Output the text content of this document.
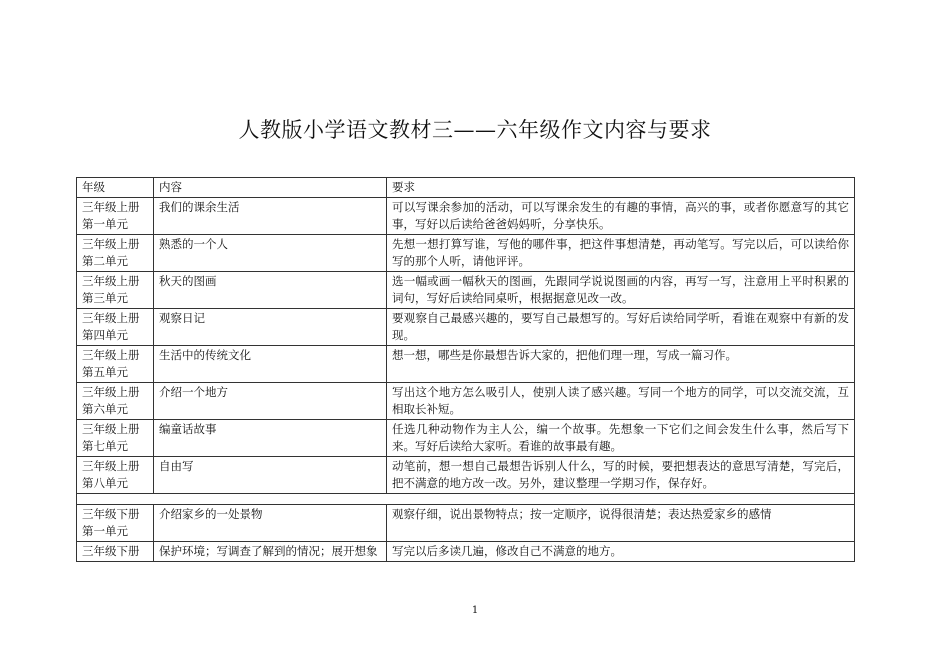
人教版小学语文教材三——六年级作文内容与要求
年级	内容	要求

三年级上册
第一单元	我们的课余生活	可以写课余参加的活动，可以写课余发生的有趣的事情，高兴的事，或者你愿意写的其它事，写好以后读给爸爸妈妈听，分享快乐。

三年级上册
第二单元	熟悉的一个人	先想一想打算写谁，写他的哪件事，把这件事想清楚，再动笔写。写完以后，可以读给你写的那个人听，请他评评。

三年级上册
第三单元	秋天的图画	选一幅或画一幅秋天的图画，先跟同学说说图画的内容，再写一写，注意用上平时积累的词句，写好后读给同桌听，根据据意见改一改。

三年级上册
第四单元	观察日记	要观察自己最感兴趣的，要写自己最想写的。写好后读给同学听，看谁在观察中有新的发现。

三年级上册
第五单元	生活中的传统文化	想一想，哪些是你最想告诉大家的，把他们理一理，写成一篇习作。

三年级上册
第六单元	介绍一个地方	写出这个地方怎么吸引人，使别人读了感兴趣。写同一个地方的同学，可以交流交流，互相取长补短。

三年级上册
第七单元	编童话故事	任选几种动物作为主人公，编一个故事。先想象一下它们之间会发生什么事，然后写下来。写好后读给大家听。看谁的故事最有趣。

三年级上册
第八单元	自由写	动笔前，想一想自己最想告诉别人什么，写的时候，要把想表达的意思写清楚，写完后，把不满意的地方改一改。另外，建议整理一学期习作，保存好。

三年级下册
第一单元	介绍家乡的一处景物	观察仔细，说出景物特点；按一定顺序，说得很清楚；表达热爱家乡的感情

三年级下册	保护环境；写调查了解到的情况；展开想象	写完以后多读几遍，修改自己不满意的地方。
1
